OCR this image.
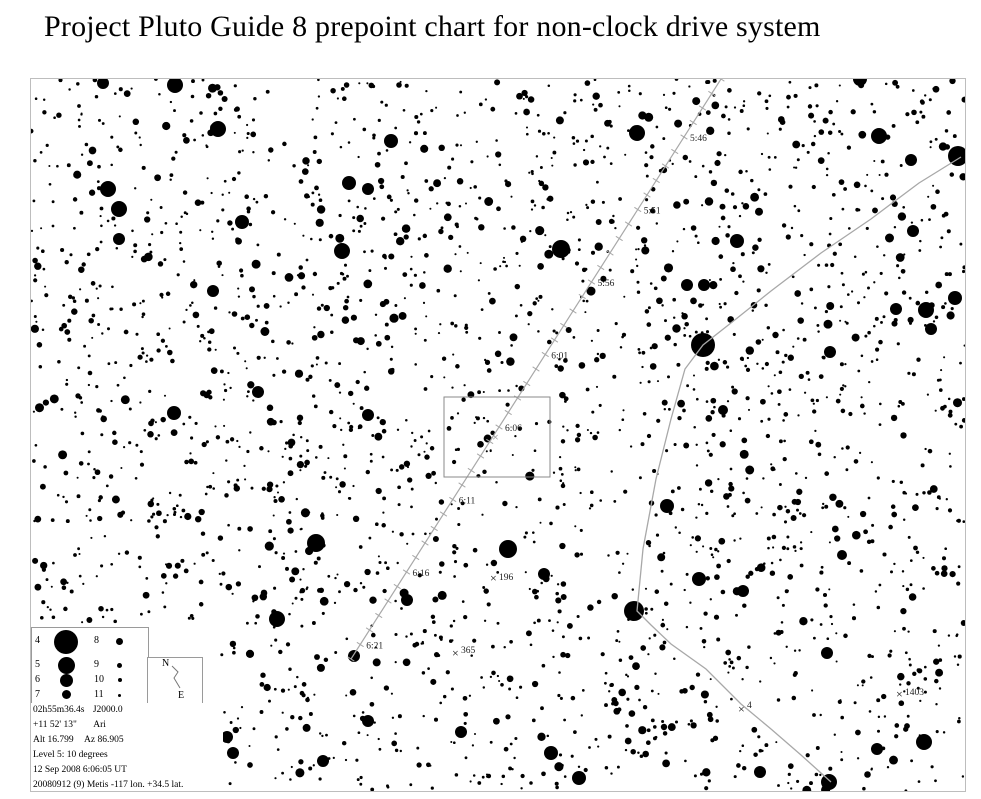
Project Pluto Guide 8 prepoint chart for non-clock drive system
5:46
5:51
5:56
6:01
6:06
6:11
6:16
6:21
×
× 196
× 365
× 4
× 1403
4
5
6
7
8
9
10
11
N
E
02h55m36.4s J2000.0
+11 52' 13" Ari
Alt 16.799 Az 86.905
Level 5: 10 degrees
12 Sep 2008 6:06:05 UT
20080912 (9) Metis -117 lon. +34.5 lat.
